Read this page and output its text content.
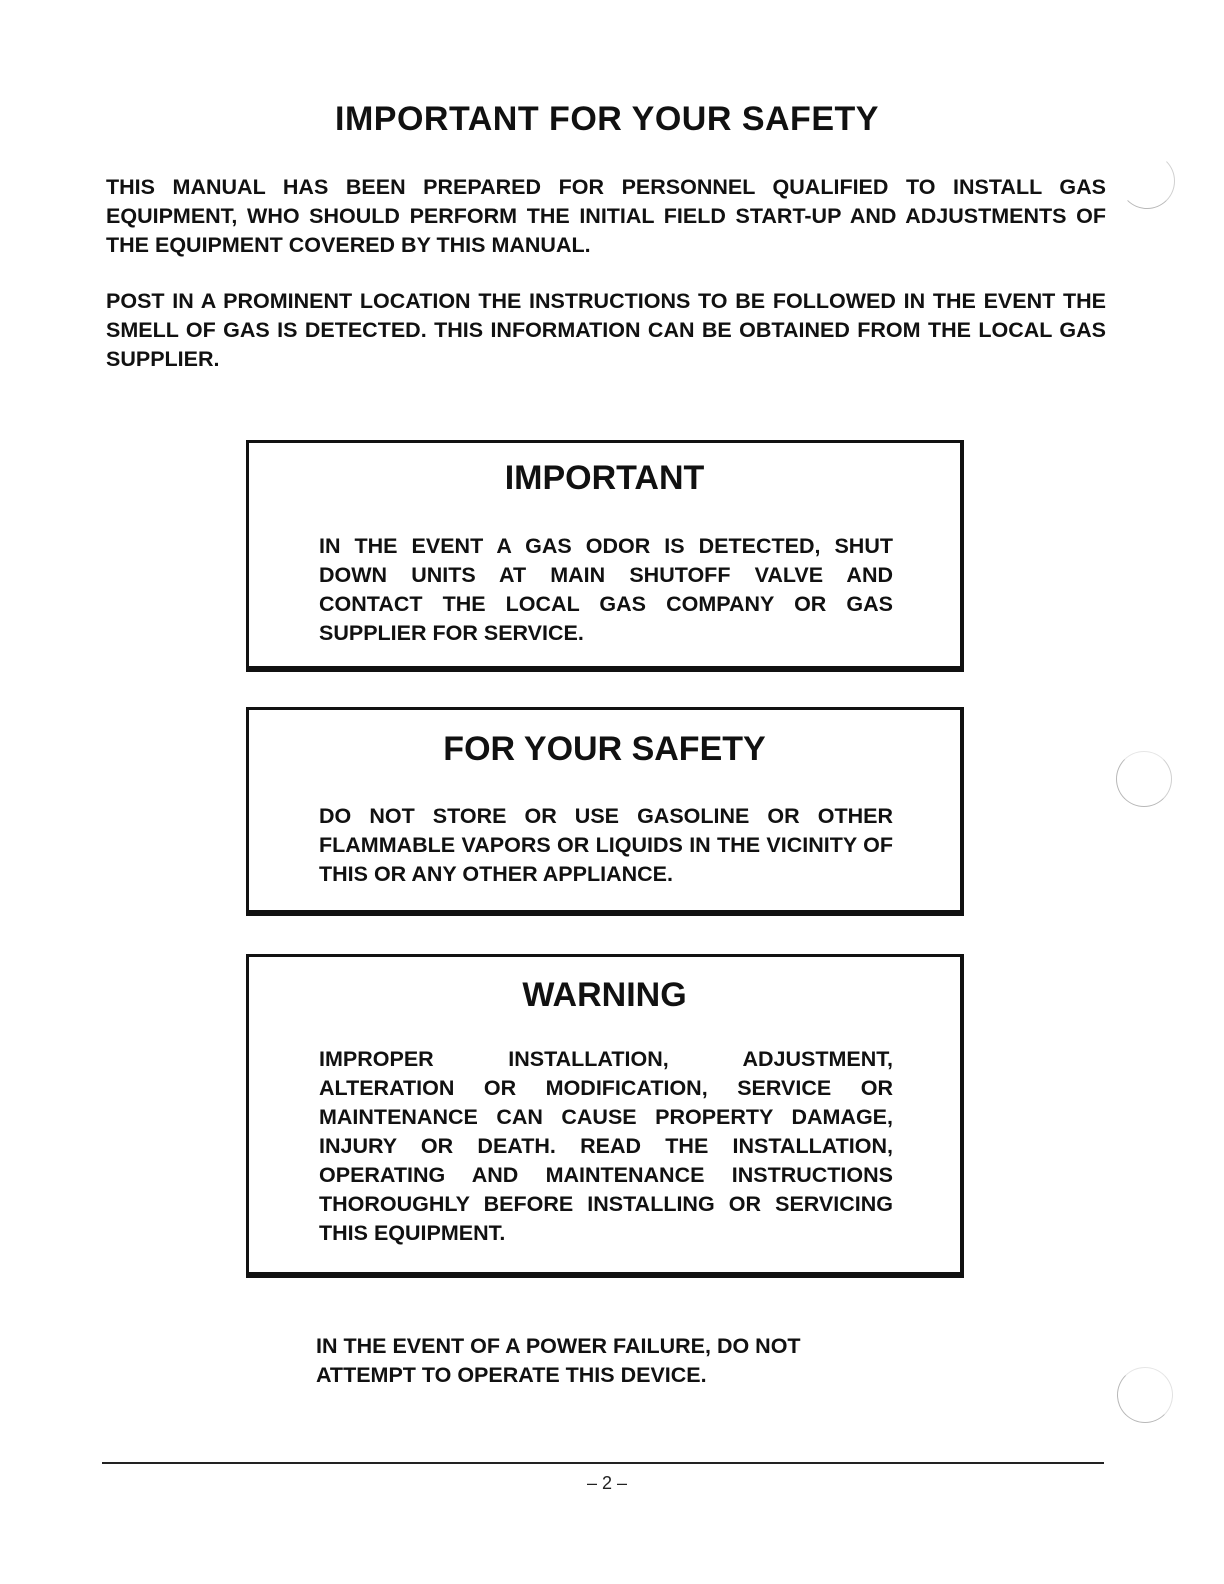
IMPORTANT FOR YOUR SAFETY

THIS MANUAL HAS BEEN PREPARED FOR PERSONNEL QUALIFIED TO INSTALL GAS EQUIPMENT, WHO SHOULD PERFORM THE INITIAL FIELD START-UP AND ADJUSTMENTS OF THE EQUIPMENT COVERED BY THIS MANUAL.

POST IN A PROMINENT LOCATION THE INSTRUCTIONS TO BE FOLLOWED IN THE EVENT THE SMELL OF GAS IS DETECTED. THIS INFORMATION CAN BE OBTAINED FROM THE LOCAL GAS SUPPLIER.

IMPORTANT

IN THE EVENT A GAS ODOR IS DETECTED, SHUT DOWN UNITS AT MAIN SHUTOFF VALVE AND CONTACT THE LOCAL GAS COMPANY OR GAS SUPPLIER FOR SERVICE.

FOR YOUR SAFETY

DO NOT STORE OR USE GASOLINE OR OTHER FLAMMABLE VAPORS OR LIQUIDS IN THE VICINITY OF THIS OR ANY OTHER APPLIANCE.

WARNING

IMPROPER INSTALLATION, ADJUSTMENT, ALTERATION OR MODIFICATION, SERVICE OR MAINTENANCE CAN CAUSE PROPERTY DAMAGE, INJURY OR DEATH. READ THE INSTALLATION, OPERATING AND MAINTENANCE INSTRUCTIONS THOROUGHLY BEFORE INSTALLING OR SERVICING THIS EQUIPMENT.

IN THE EVENT OF A POWER FAILURE, DO NOT ATTEMPT TO OPERATE THIS DEVICE.

– 2 –
